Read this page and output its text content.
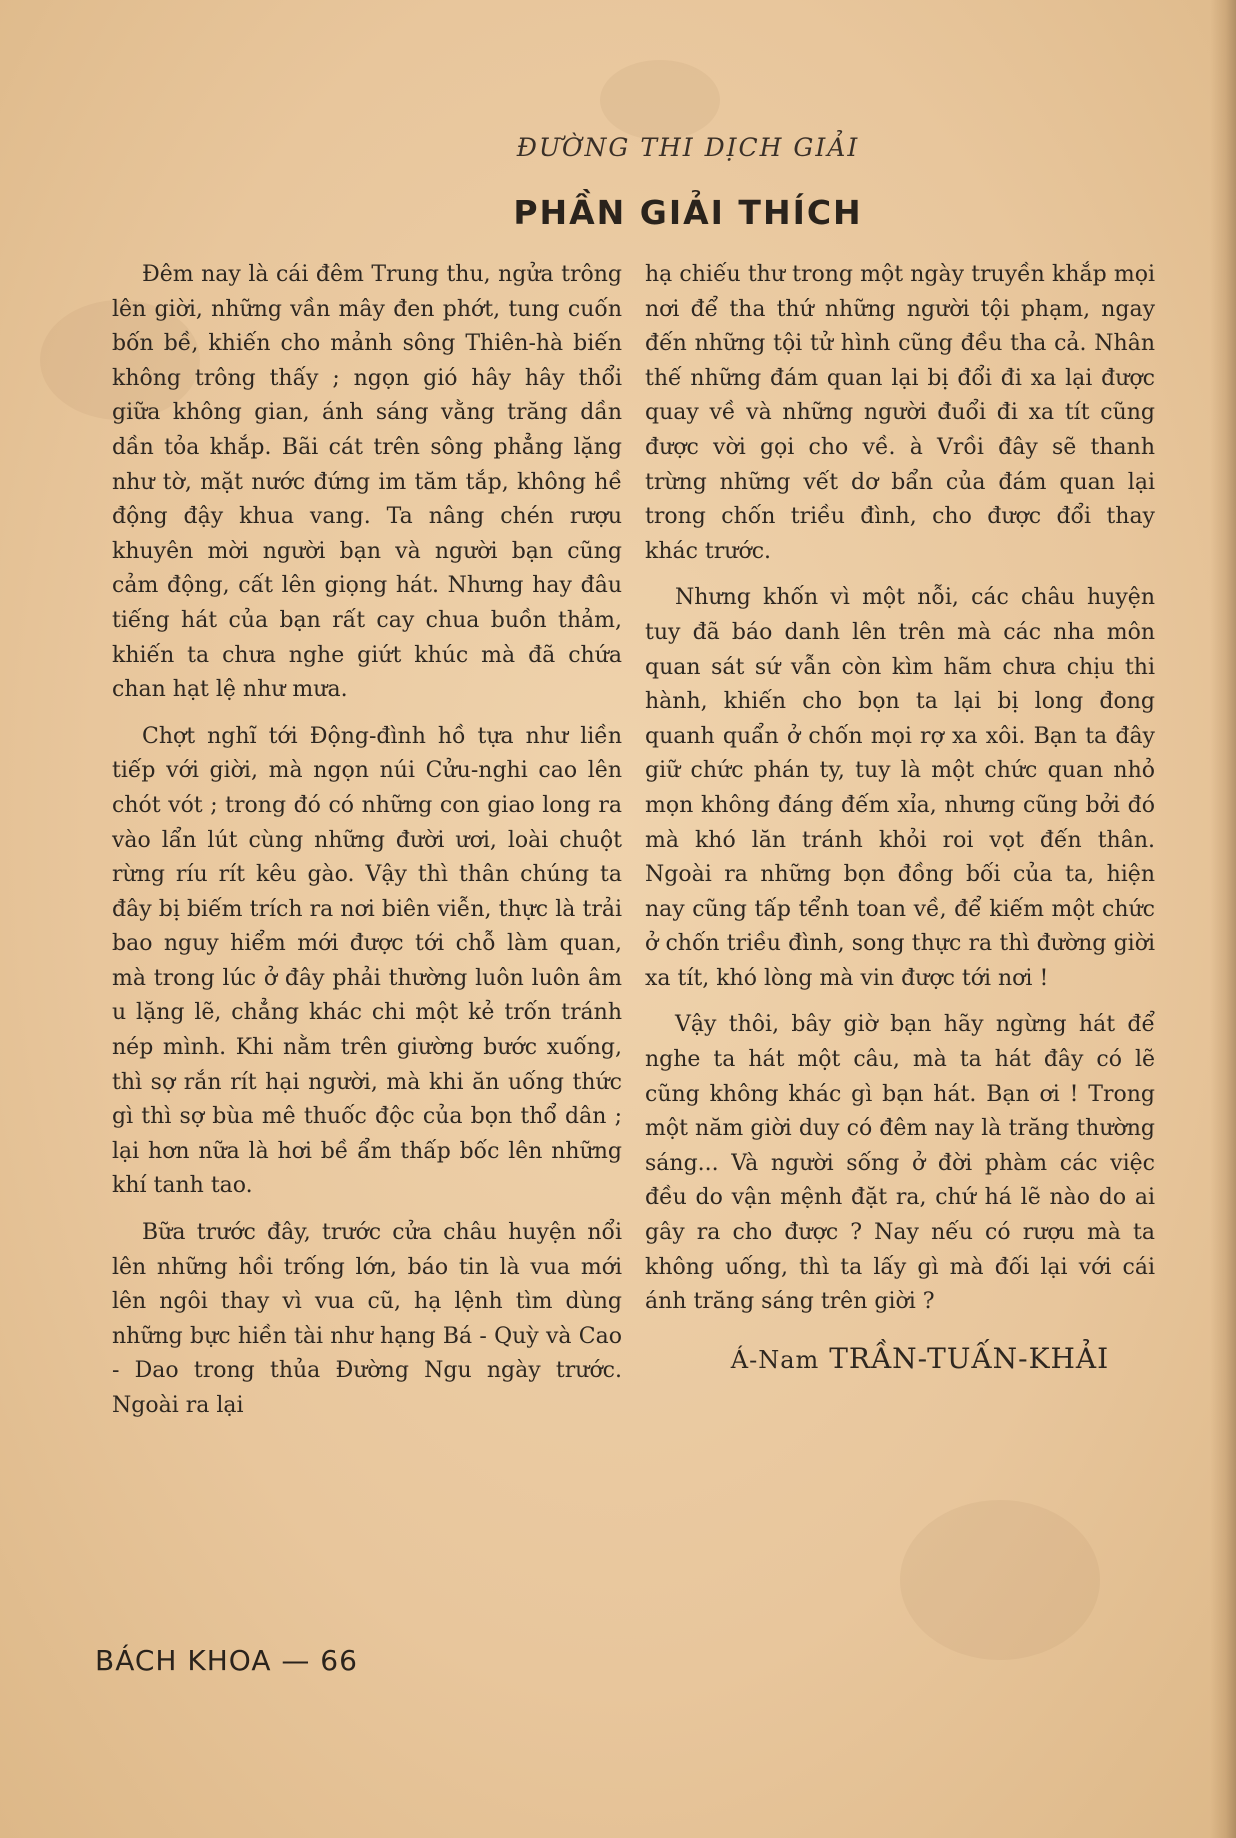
ĐƯỜNG THI DỊCH GIẢI
PHẦN GIẢI THÍCH

Đêm nay là cái đêm Trung thu, ngửa trông lên giời, những vần mây đen phớt, tung cuốn bốn bề, khiến cho mảnh sông Thiên-hà biến không trông thấy ; ngọn gió hây hây thổi giữa không gian, ánh sáng vằng trăng dần dần tỏa khắp. Bãi cát trên sông phẳng lặng như tờ, mặt nước đứng im tăm tắp, không hề động đậy khua vang. Ta nâng chén rượu khuyên mời người bạn và người bạn cũng cảm động, cất lên giọng hát. Nhưng hay đâu tiếng hát của bạn rất cay chua buồn thảm, khiến ta chưa nghe giứt khúc mà đã chứa chan hạt lệ như mưa.

Chợt nghĩ tới Động-đình hồ tựa như liền tiếp với giời, mà ngọn núi Cửu-nghi cao lên chót vót ; trong đó có những con giao long ra vào lẩn lút cùng những đười ươi, loài chuột rừng ríu rít kêu gào. Vậy thì thân chúng ta đây bị biếm trích ra nơi biên viễn, thực là trải bao nguy hiểm mới được tới chỗ làm quan, mà trong lúc ở đây phải thường luôn luôn âm u lặng lẽ, chẳng khác chi một kẻ trốn tránh nép mình. Khi nằm trên giường bước xuống, thì sợ rắn rít hại người, mà khi ăn uống thức gì thì sợ bùa mê thuốc độc của bọn thổ dân ; lại hơn nữa là hơi bề ẩm thấp bốc lên những khí tanh tao.

Bữa trước đây, trước cửa châu huyện nổi lên những hồi trống lớn, báo tin là vua mới lên ngôi thay vì vua cũ, hạ lệnh tìm dùng những bực hiền tài như hạng Bá - Quỳ và Cao - Dao trong thủa Đường Ngu ngày trước. Ngoài ra lại

hạ chiếu thư trong một ngày truyền khắp mọi nơi để tha thứ những người tội phạm, ngay đến những tội tử hình cũng đều tha cả. Nhân thế những đám quan lại bị đổi đi xa lại được quay về và những người đuổi đi xa tít cũng được vời gọi cho về. à Vrồi đây sẽ thanh trừng những vết dơ bẩn của đám quan lại trong chốn triều đình, cho được đổi thay khác trước.

Nhưng khốn vì một nỗi, các châu huyện tuy đã báo danh lên trên mà các nha môn quan sát sứ vẫn còn kìm hãm chưa chịu thi hành, khiến cho bọn ta lại bị long đong quanh quẩn ở chốn mọi rợ xa xôi. Bạn ta đây giữ chức phán ty, tuy là một chức quan nhỏ mọn không đáng đếm xỉa, nhưng cũng bởi đó mà khó lăn tránh khỏi roi vọt đến thân. Ngoài ra những bọn đồng bối của ta, hiện nay cũng tấp tểnh toan về, để kiếm một chức ở chốn triều đình, song thực ra thì đường giời xa tít, khó lòng mà vin được tới nơi !

Vậy thôi, bây giờ bạn hãy ngừng hát để nghe ta hát một câu, mà ta hát đây có lẽ cũng không khác gì bạn hát. Bạn ơi ! Trong một năm giời duy có đêm nay là trăng thường sáng... Và người sống ở đời phàm các việc đều do vận mệnh đặt ra, chứ há lẽ nào do ai gây ra cho được ? Nay nếu có rượu mà ta không uống, thì ta lấy gì mà đối lại với cái ánh trăng sáng trên giời ?

Á-Nam TRẦN-TUẤN-KHẢI
BÁCH KHOA — 66
